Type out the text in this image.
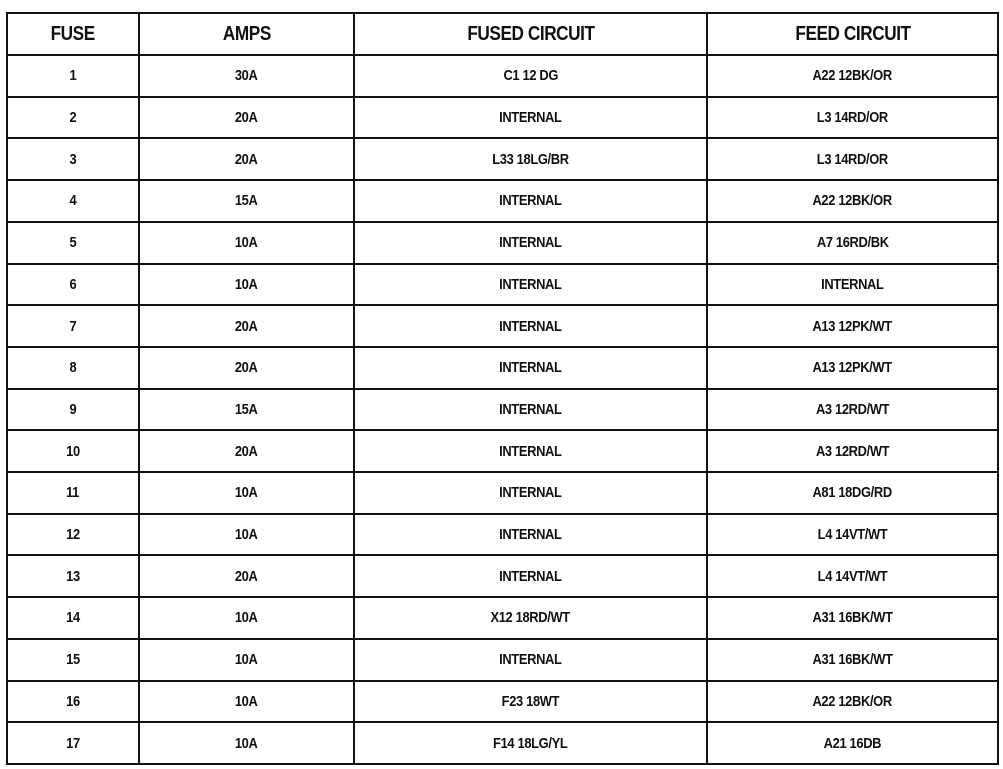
FUSE	AMPS	FUSED CIRCUIT	FEED CIRCUIT
1	30A	C1 12 DG	A22 12BK/OR
2	20A	INTERNAL	L3 14RD/OR
3	20A	L33 18LG/BR	L3 14RD/OR
4	15A	INTERNAL	A22 12BK/OR
5	10A	INTERNAL	A7 16RD/BK
6	10A	INTERNAL	INTERNAL
7	20A	INTERNAL	A13 12PK/WT
8	20A	INTERNAL	A13 12PK/WT
9	15A	INTERNAL	A3 12RD/WT
10	20A	INTERNAL	A3 12RD/WT
11	10A	INTERNAL	A81 18DG/RD
12	10A	INTERNAL	L4 14VT/WT
13	20A	INTERNAL	L4 14VT/WT
14	10A	X12 18RD/WT	A31 16BK/WT
15	10A	INTERNAL	A31 16BK/WT
16	10A	F23 18WT	A22 12BK/OR
17	10A	F14 18LG/YL	A21 16DB
